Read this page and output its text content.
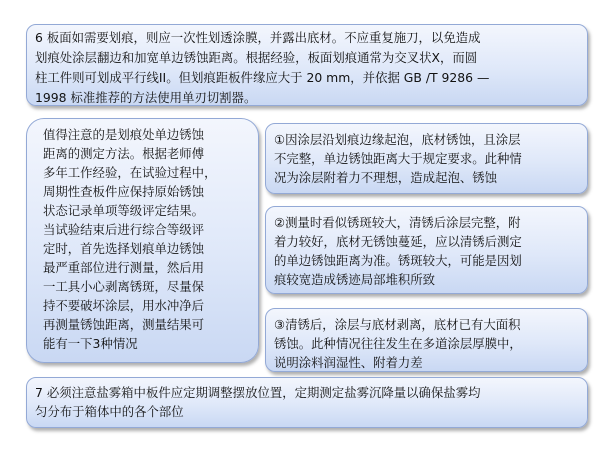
6 板面如需要划痕，则应一次性划透涂膜，并露出底材。不应重复施刀，以免造成

划痕处涂层翻边和加宽单边锈蚀距离。根据经验，板面划痕通常为交叉状X，而圆

柱工件则可划成平行线II。但划痕距板件缘应大于 20 mm，并依据 GB /T 9286 —

1998 标准推荐的方法使用单刃切割器。

值得注意的是划痕处单边锈蚀

距离的测定方法。根据老师傅

多年工作经验，在试验过程中，

周期性查板件应保持原始锈蚀

状态记录单项等级评定结果。

当试验结束后进行综合等级评

定时，首先选择划痕单边锈蚀

最严重部位进行测量，然后用

一工具小心剥离锈斑，尽量保

持不要破坏涂层，用水冲净后

再测量锈蚀距离，测量结果可

能有一下3种情况

①因涂层沿划痕边缘起泡，底材锈蚀，且涂层

不完整，单边锈蚀距离大于规定要求。此种情

况为涂层附着力不理想，造成起泡、锈蚀

②测量时看似锈斑较大，清锈后涂层完整，附

着力较好，底材无锈蚀蔓延，应以清锈后测定

的单边锈蚀距离为准。锈斑较大，可能是因划

痕较宽造成锈迹局部堆积所致

③清锈后，涂层与底材剥离，底材已有大面积

锈蚀。此种情况往往发生在多道涂层厚膜中，

说明涂料润湿性、附着力差

7 必须注意盐雾箱中板件应定期调整摆放位置，定期测定盐雾沉降量以确保盐雾均

匀分布于箱体中的各个部位
